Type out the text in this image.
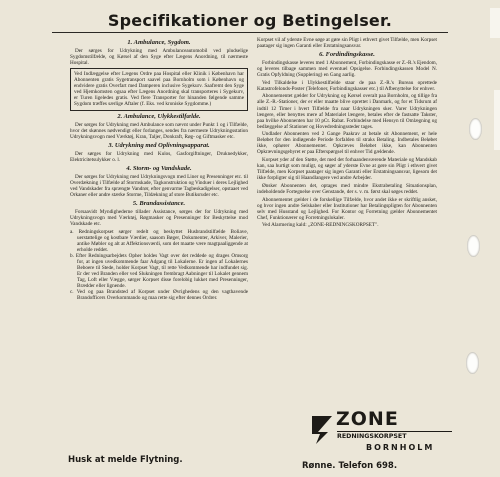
Specifikationer og Betingelser.
1. Ambulance, Sygdom.

Der sørges for Udrykning med Ambulanceautomobil ved pludselige Sygdomstilfælde, og Kørsel af den Syge efter Lægens Anordning, til nærmeste Hospital.

Ved Indlæggelse efter Lægens Ordre paa Hospital eller Klinik i København har Abonnenten gratis Sygetransport saavel paa Bornholm som i København og endvidere gratis Overfart med Damperen inclusive Sygekurv. Saafremt den Syge ved Hjemkomsten ogsaa efter Lægens Anordning skal transporteres i Sygekurv, er Turen ligeledes gratis. Ved flere Transporter for hinanden følgende samme Sygdom træffes særlige Aftaler (f. Eks. ved kroniske Sygdomme.)

2. Ambulance, Ulykkestilfælde.

Der sørges for Udrykning med Ambulance som nævnt under Punkt 1 og i Tilfælde, hvor det skønnes nødvendigt eller forlanges, sendes fra nærmeste Udrykningsstation Udrykningsvogn med Værktøj, Kran, Taljer, Donkraft, Røg- og Giftmasker etc.

3. Udrykning med Oplivningsapparat.

Der sørges for Udrykning med Kulos, Gasforgiftninger, Druknedykker, Elektricitetsulykker o. l.

4. Storm- og Vandskade.

Der sørges for Udrykning med Udrykningsvogn med Liner og Presenninger etc. til Overdækning i Tilfælde af Stormskade, Tagkonstruktion og Vinduer i deres Lejlighed ved Vandskader fra sprængte Vandrør, efter genvarme Tagbeskadigelser, opstaaet ved Orkaner eller andre stærke Storme, Tildækning af store Butiksruder etc.

5. Brandassistance.

Forsaavidt Myndighederne tillader Assistance, sørges der for Udrykning med Udrykningsvogn med Værktøj, Røgmasker og Presenninger for Beskyttelse mod Vandskade etc.

a. Redningskorpset sørger redelt og beskyttet Husbrandstilfælde Boliave, uerstattelige og kostbare Værdier, saasom Bøger, Dokumenter, Arkiver, Malerier, antike Møbler og alt at Affektionsværdi, som det maatte være magtpaaliggende at erholde reddet.
b. Efter Redningsarbejdets Opher holdes Vagt over det reddede og drages Omsorg for, at ingen uvedkommende faar Adgang til Lokalerne. Er ingen af Lokalernes Beboere til Stede, holder Korpset Vagt, til rette Vedkommende har indfundet sig. Er der ved Branden eller ved Slukningen frembragt Aabninger til Lokalet gennem Tag, Loft eller Vægge, sørger Korpset disse forelobig lukket med Presenninger, Brædder eller lignende.
c. Ved og paa Brandsted af Korpset under Øvrighedens og den vagthavende Brandofficers Overkommando og maa rette sig efter dennes Ordrer.

Korpset vil af yderste Evne søge at gøre sin Pligt i ethvert givet Tilfælde, men Korpset paatager sig ingen Garanti eller Erstatningsansvar.

6. Fordindingskasse.

Forbindingskasse leveres med 1 Abonnement, Forbindingskasse er Z.-R.'s Ejendom, og leveres tilbage sammen med eventuel Opsigelse. Forbindingskassen Model N. Gratis Opfyldning (Supplering) en Gang aarlig.

Ved Tilkaldelse i Ulykkestilfælde staar de paa Z.-R.'s Bureau oprettede Katastrofelonds-Poster (Telefoner, Forbindingskasser etc.) til Afbenyttelse for enhver.

Abonnementet gælder for Udrykning og Kørsel overalt paa Bornholm, og tillige fra alle Z.-R.-Stationer, der er eller maatte blive oprettet i Danmark, og for et Tidsrum af indtil 12 Timer i hvert Tilfælde fra naar Udrykningen sker. Varer Udrykningen længere, eller benyttes mere af Materialet længere, betales efter de fastsatte Takster, paa hvilke Abonnenten har 10 pCt. Rabat. Forbindelse med Hensyn til Omlægning og bedlæggelse af Stationer og Hovedredningssteder tages.

Undlader Abonnenten ved 2 Gange Paakrav at betale sit Abonnement, er hele Beløbet for den indløgende Periode forfalden til straks Betaling. Indbetales Beløbet ikke, ophører Abonnementet. Opkræves Beløbet ikke, kan Abonnenten Opkrævningsgebyret er paa Efterspørgsel til enhver Tid gældende.

Korpset yder af den Støtte, det med det forhaandenværende Materiale og Mandskab kan, saa hurtigt som muligt, og søger af yderste Evne at gøre sin Pligt i ethvert givet Tilfælde, men Korpset paatager sig ingen Garanti eller Erstatningsansvar, ligesom det ikke forpligter sig til Haandlangere ved andre Arbejder.

Ønsker Abonnenten det, optages med mindre Ekstrabetaling Situationsplan, indeholdende Fortegnelse over Genstande, der s. v. m. først skal søges reddet.

Abonnementet gælder i de forskellige Tilfælde, hvor andet ikke er skriftlig ansket, og hvor ingen andre Selskaber eller Institutioner har Betalingspligten for Abonnenten selv med Husstand og Lejlighed. For Kontor og Forretning gælder Abonnementet Chef, Funktionærer og Forretningslokaler.

Ved Alarmering kald: „ZONE-REDNINGSKORPSET".

Husk at melde Flytning.
ZONE
REDNINGSKORPSET
BORNHOLM
Rønne. Telefon 698.
